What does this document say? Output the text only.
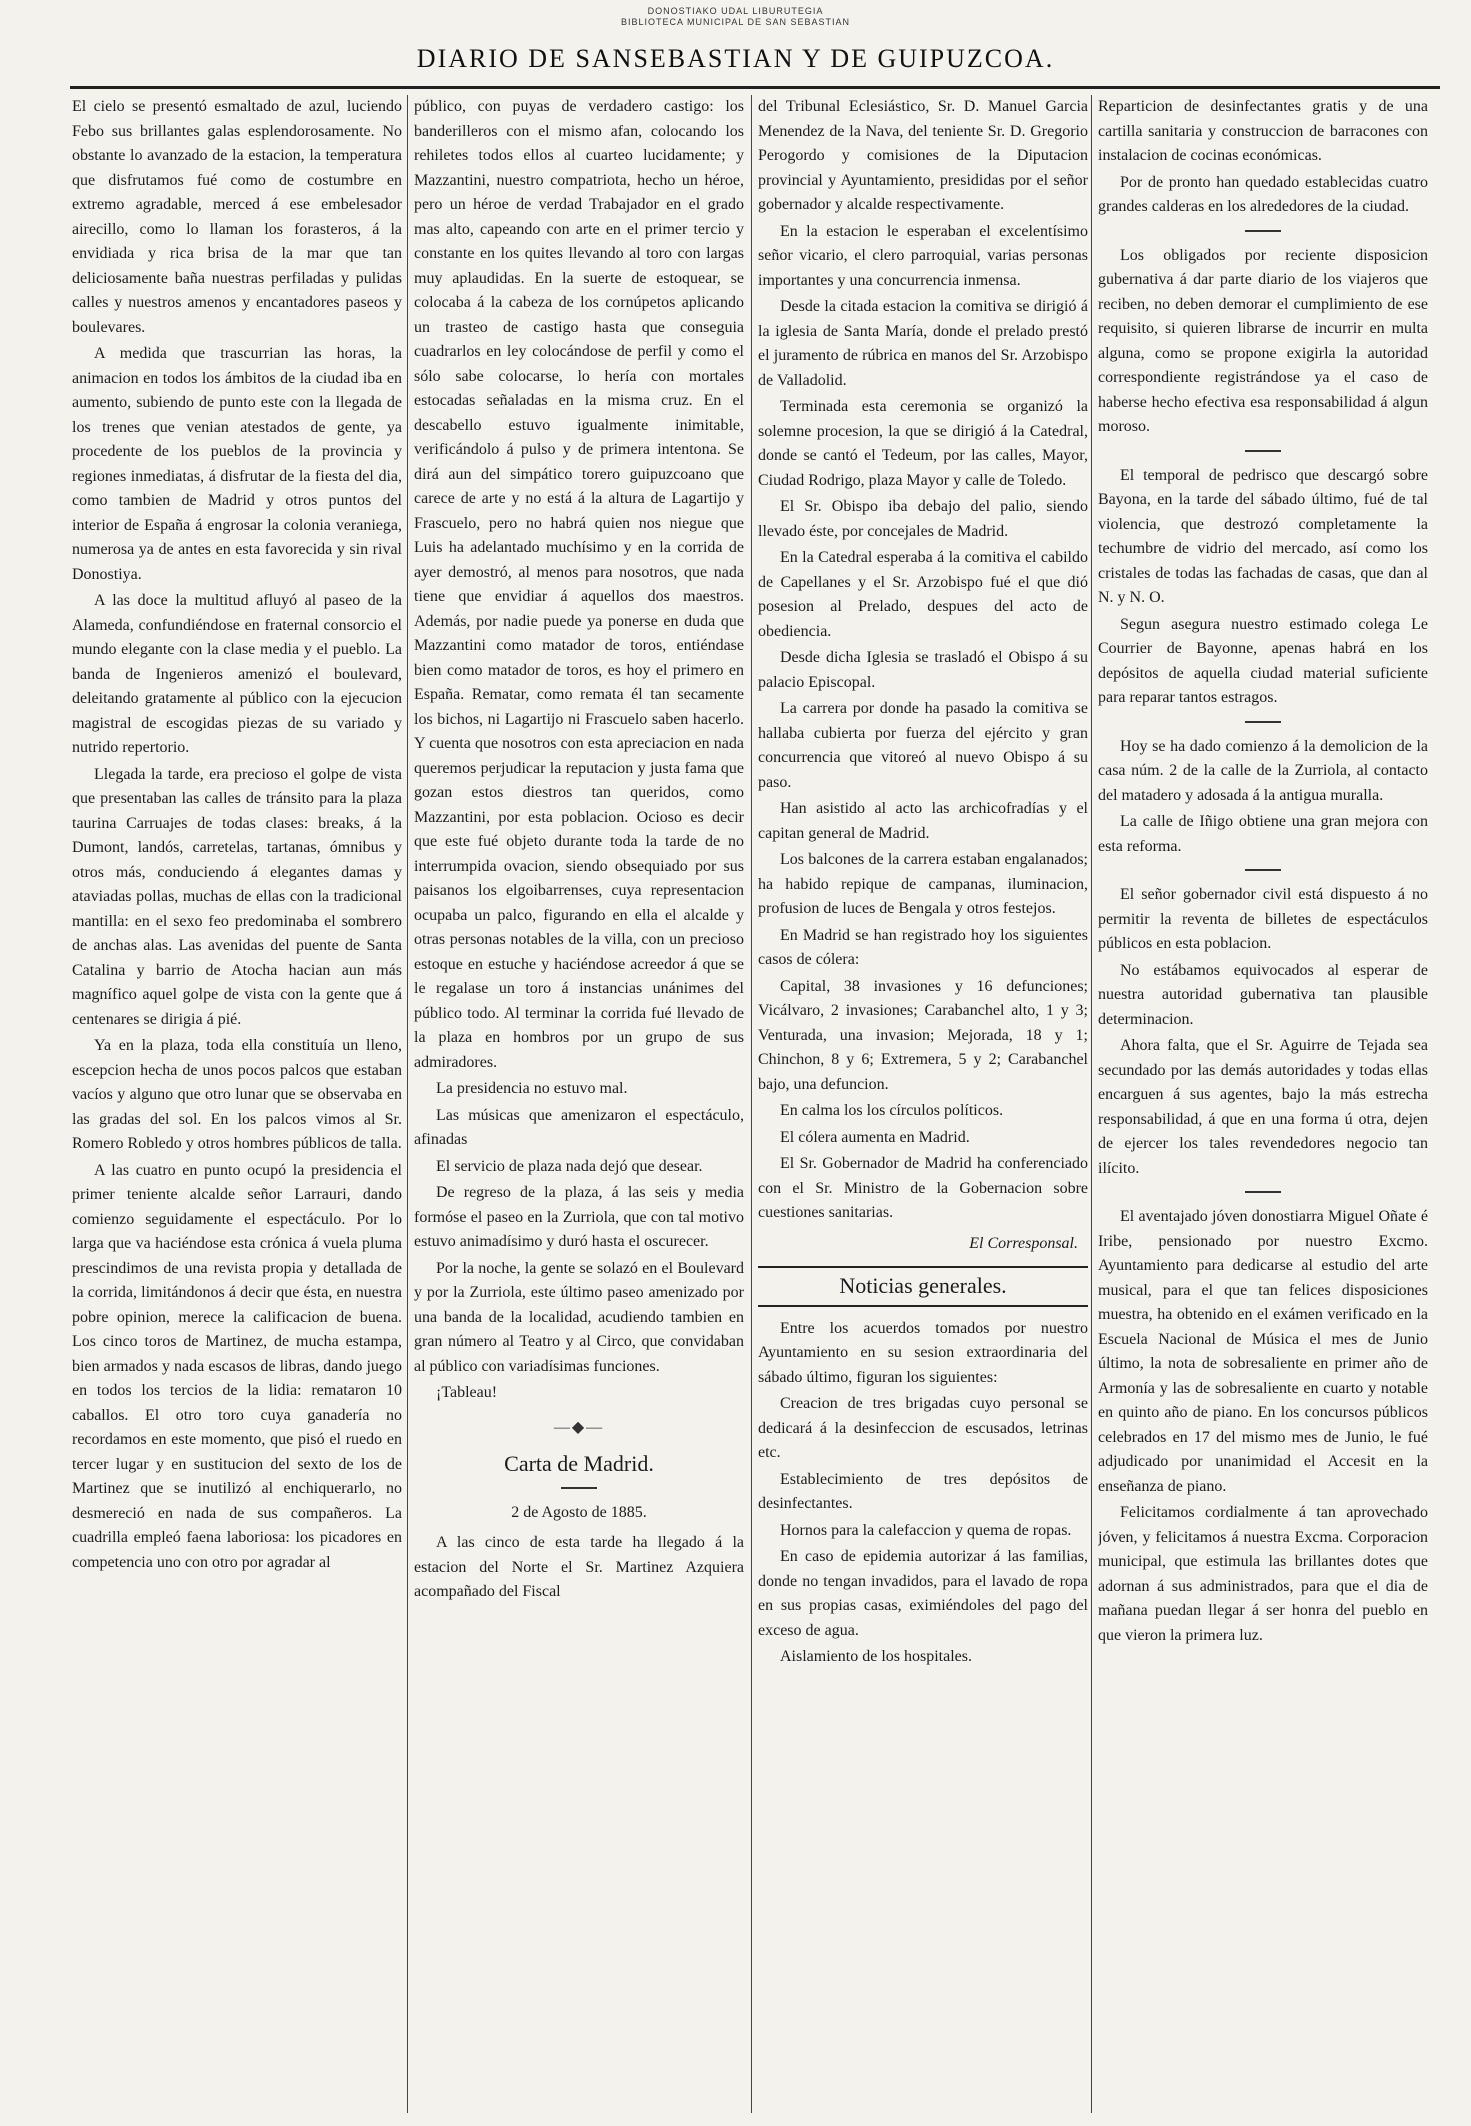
DONOSTIAKO UDAL LIBURUTEGIA
BIBLIOTECA MUNICIPAL DE SAN SEBASTIAN
DIARIO DE SANSEBASTIAN Y DE GUIPUZCOA.

El cielo se presentó esmaltado de azul, luciendo Febo sus brillantes galas esplendorosamente. No obstante lo avanzado de la estacion, la temperatura que disfrutamos fué como de costumbre en extremo agradable, merced á ese embelesador airecillo, como lo llaman los forasteros, á la envidiada y rica brisa de la mar que tan deliciosamente baña nuestras perfiladas y pulidas calles y nuestros amenos y encantadores paseos y boulevares.

A medida que trascurrian las horas, la animacion en todos los ámbitos de la ciudad iba en aumento, subiendo de punto este con la llegada de los trenes que venian atestados de gente, ya procedente de los pueblos de la provincia y regiones inmediatas, á disfrutar de la fiesta del dia, como tambien de Madrid y otros puntos del interior de España á engrosar la colonia veraniega, numerosa ya de antes en esta favorecida y sin rival Donostiya.

A las doce la multitud afluyó al paseo de la Alameda, confundiéndose en fraternal consorcio el mundo elegante con la clase media y el pueblo. La banda de Ingenieros amenizó el boulevard, deleitando gratamente al público con la ejecucion magistral de escogidas piezas de su variado y nutrido repertorio.

Llegada la tarde, era precioso el golpe de vista que presentaban las calles de tránsito para la plaza taurina Carruajes de todas clases: breaks, á la Dumont, landós, carretelas, tartanas, ómnibus y otros más, conduciendo á elegantes damas y ataviadas pollas, muchas de ellas con la tradicional mantilla: en el sexo feo predominaba el sombrero de anchas alas. Las avenidas del puente de Santa Catalina y barrio de Atocha hacian aun más magnífico aquel golpe de vista con la gente que á centenares se dirigia á pié.

Ya en la plaza, toda ella constituía un lleno, escepcion hecha de unos pocos palcos que estaban vacíos y alguno que otro lunar que se observaba en las gradas del sol. En los palcos vimos al Sr. Romero Robledo y otros hombres públicos de talla.

A las cuatro en punto ocupó la presidencia el primer teniente alcalde señor Larrauri, dando comienzo seguidamente el espectáculo. Por lo larga que va haciéndose esta crónica á vuela pluma prescindimos de una revista propia y detallada de la corrida, limitándonos á decir que ésta, en nuestra pobre opinion, merece la calificacion de buena. Los cinco toros de Martinez, de mucha estampa, bien armados y nada escasos de libras, dando juego en todos los tercios de la lidia: remataron 10 caballos. El otro toro cuya ganadería no recordamos en este momento, que pisó el ruedo en tercer lugar y en sustitucion del sexto de los de Martinez que se inutilizó al enchiquerarlo, no desmereció en nada de sus compañeros. La cuadrilla empleó faena laboriosa: los picadores en competencia uno con otro por agradar al

público, con puyas de verdadero castigo: los banderilleros con el mismo afan, colocando los rehiletes todos ellos al cuarteo lucidamente; y Mazzantini, nuestro compatriota, hecho un héroe, pero un héroe de verdad Trabajador en el grado mas alto, capeando con arte en el primer tercio y constante en los quites llevando al toro con largas muy aplaudidas. En la suerte de estoquear, se colocaba á la cabeza de los cornúpetos aplicando un trasteo de castigo hasta que conseguia cuadrarlos en ley colocándose de perfil y como el sólo sabe colocarse, lo hería con mortales estocadas señaladas en la misma cruz. En el descabello estuvo igualmente inimitable, verificándolo á pulso y de primera intentona. Se dirá aun del simpático torero guipuzcoano que carece de arte y no está á la altura de Lagartijo y Frascuelo, pero no habrá quien nos niegue que Luis ha adelantado muchísimo y en la corrida de ayer demostró, al menos para nosotros, que nada tiene que envidiar á aquellos dos maestros. Además, por nadie puede ya ponerse en duda que Mazzantini como matador de toros, entiéndase bien como matador de toros, es hoy el primero en España. Rematar, como remata él tan secamente los bichos, ni Lagartijo ni Frascuelo saben hacerlo. Y cuenta que nosotros con esta apreciacion en nada queremos perjudicar la reputacion y justa fama que gozan estos diestros tan queridos, como Mazzantini, por esta poblacion. Ocioso es decir que este fué objeto durante toda la tarde de no interrumpida ovacion, siendo obsequiado por sus paisanos los elgoibarrenses, cuya representacion ocupaba un palco, figurando en ella el alcalde y otras personas notables de la villa, con un precioso estoque en estuche y haciéndose acreedor á que se le regalase un toro á instancias unánimes del público todo. Al terminar la corrida fué llevado de la plaza en hombros por un grupo de sus admiradores.

La presidencia no estuvo mal.

Las músicas que amenizaron el espectáculo, afinadas

El servicio de plaza nada dejó que desear.

De regreso de la plaza, á las seis y media formóse el paseo en la Zurriola, que con tal motivo estuvo animadísimo y duró hasta el oscurecer.

Por la noche, la gente se solazó en el Boulevard y por la Zurriola, este último paseo amenizado por una banda de la localidad, acudiendo tambien en gran número al Teatro y al Circo, que convidaban al público con variadísimas funciones.

¡Tableau!

―◆―
Carta de Madrid.
2 de Agosto de 1885.

A las cinco de esta tarde ha llegado á la estacion del Norte el Sr. Martinez Azquiera acompañado del Fiscal

del Tribunal Eclesiástico, Sr. D. Manuel Garcia Menendez de la Nava, del teniente Sr. D. Gregorio Perogordo y comisiones de la Diputacion provincial y Ayuntamiento, presididas por el señor gobernador y alcalde respectivamente.

En la estacion le esperaban el excelentísimo señor vicario, el clero parroquial, varias personas importantes y una concurrencia inmensa.

Desde la citada estacion la comitiva se dirigió á la iglesia de Santa María, donde el prelado prestó el juramento de rúbrica en manos del Sr. Arzobispo de Valladolid.

Terminada esta ceremonia se organizó la solemne procesion, la que se dirigió á la Catedral, donde se cantó el Tedeum, por las calles, Mayor, Ciudad Rodrigo, plaza Mayor y calle de Toledo.

El Sr. Obispo iba debajo del palio, siendo llevado éste, por concejales de Madrid.

En la Catedral esperaba á la comitiva el cabildo de Capellanes y el Sr. Arzobispo fué el que dió posesion al Prelado, despues del acto de obediencia.

Desde dicha Iglesia se trasladó el Obispo á su palacio Episcopal.

La carrera por donde ha pasado la comitiva se hallaba cubierta por fuerza del ejército y gran concurrencia que vitoreó al nuevo Obispo á su paso.

Han asistido al acto las archicofradías y el capitan general de Madrid.

Los balcones de la carrera estaban engalanados; ha habido repique de campanas, iluminacion, profusion de luces de Bengala y otros festejos.

En Madrid se han registrado hoy los siguientes casos de cólera:

Capital, 38 invasiones y 16 defunciones; Vicálvaro, 2 invasiones; Carabanchel alto, 1 y 3; Venturada, una invasion; Mejorada, 18 y 1; Chinchon, 8 y 6; Extremera, 5 y 2; Carabanchel bajo, una defuncion.

En calma los los círculos políticos.

El cólera aumenta en Madrid.

El Sr. Gobernador de Madrid ha conferenciado con el Sr. Ministro de la Gobernacion sobre cuestiones sanitarias.

El Corresponsal.
Noticias generales.

Entre los acuerdos tomados por nuestro Ayuntamiento en su sesion extraordinaria del sábado último, figuran los siguientes:

Creacion de tres brigadas cuyo personal se dedicará á la desinfeccion de escusados, letrinas etc.

Establecimiento de tres depósitos de desinfectantes.

Hornos para la calefaccion y quema de ropas.

En caso de epidemia autorizar á las familias, donde no tengan invadidos, para el lavado de ropa en sus propias casas, eximiéndoles del pago del exceso de agua.

Aislamiento de los hospitales.

Reparticion de desinfectantes gratis y de una cartilla sanitaria y construccion de barracones con instalacion de cocinas económicas.

Por de pronto han quedado establecidas cuatro grandes calderas en los alrededores de la ciudad.

Los obligados por reciente disposicion gubernativa á dar parte diario de los viajeros que reciben, no deben demorar el cumplimiento de ese requisito, si quieren librarse de incurrir en multa alguna, como se propone exigirla la autoridad correspondiente registrándose ya el caso de haberse hecho efectiva esa responsabilidad á algun moroso.

El temporal de pedrisco que descargó sobre Bayona, en la tarde del sábado último, fué de tal violencia, que destrozó completamente la techumbre de vidrio del mercado, así como los cristales de todas las fachadas de casas, que dan al N. y N. O.

Segun asegura nuestro estimado colega Le Courrier de Bayonne, apenas habrá en los depósitos de aquella ciudad material suficiente para reparar tantos estragos.

Hoy se ha dado comienzo á la demolicion de la casa núm. 2 de la calle de la Zurriola, al contacto del matadero y adosada á la antigua muralla.

La calle de Iñigo obtiene una gran mejora con esta reforma.

El señor gobernador civil está dispuesto á no permitir la reventa de billetes de espectáculos públicos en esta poblacion.

No estábamos equivocados al esperar de nuestra autoridad gubernativa tan plausible determinacion.

Ahora falta, que el Sr. Aguirre de Tejada sea secundado por las demás autoridades y todas ellas encarguen á sus agentes, bajo la más estrecha responsabilidad, á que en una forma ú otra, dejen de ejercer los tales revendedores negocio tan ilícito.

El aventajado jóven donostiarra Miguel Oñate é Iribe, pensionado por nuestro Excmo. Ayuntamiento para dedicarse al estudio del arte musical, para el que tan felices disposiciones muestra, ha obtenido en el exámen verificado en la Escuela Nacional de Música el mes de Junio último, la nota de sobresaliente en primer año de Armonía y las de sobresaliente en cuarto y notable en quinto año de piano. En los concursos públicos celebrados en 17 del mismo mes de Junio, le fué adjudicado por unanimidad el Accesit en la enseñanza de piano.

Felicitamos cordialmente á tan aprovechado jóven, y felicitamos á nuestra Excma. Corporacion municipal, que estimula las brillantes dotes que adornan á sus administrados, para que el dia de mañana puedan llegar á ser honra del pueblo en que vieron la primera luz.
